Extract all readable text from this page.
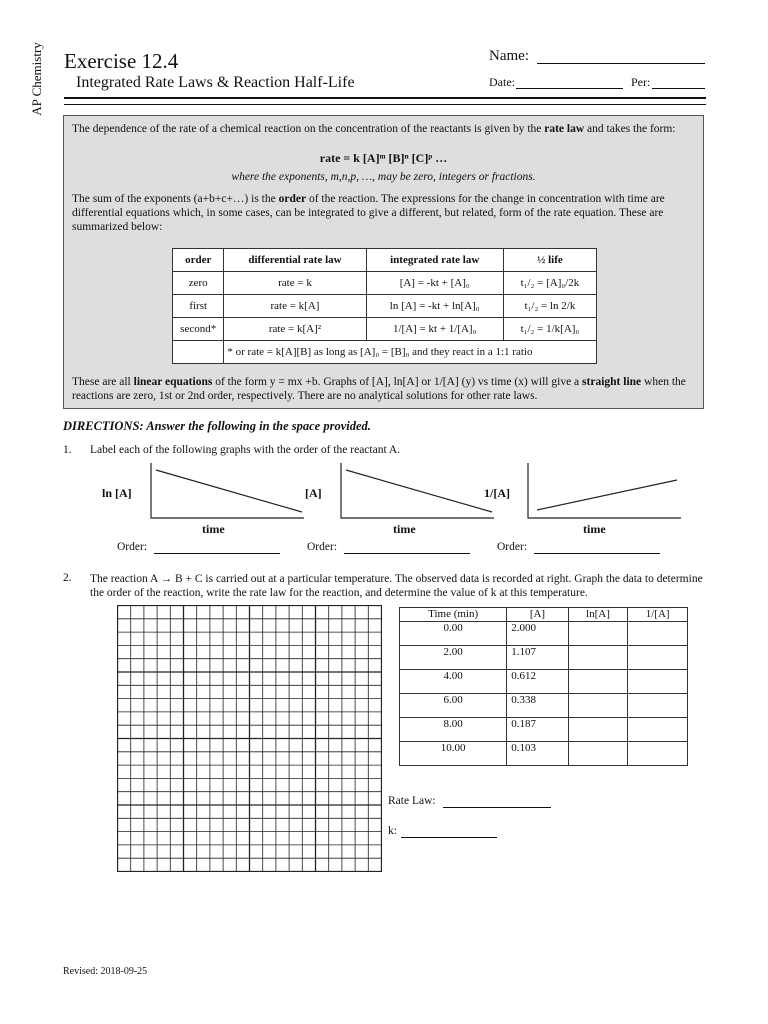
AP Chemistry Exercise 12.4
Integrated Rate Laws & Reaction Half-Life
Name:
Date:	Per:
The dependence of the rate of a chemical reaction on the concentration of the reactants is given by the rate law and takes the form:
rate = k [A]ᵐ [B]ⁿ [C]ᵖ …
where the exponents, m,n,p, …, may be zero, integers or fractions.
The sum of the exponents (a+b+c+…) is the order of the reaction. The expressions for the change in concentration with time are differential equations which, in some cases, can be integrated to give a different, but related, form of the rate equation. These are summarized below:
order	differential rate law	integrated rate law	½ life
zero	rate = k	[A] = -kt + [A]₀	t₁/₂ = [A]₀/2k
first	rate = k[A]	ln [A] = -kt + ln[A]₀	t₁/₂ = ln 2/k
second*	rate = k[A]²	1/[A] = kt + 1/[A]₀	t₁/₂ = 1/k[A]₀
	* or rate = k[A][B] as long as [A]₀ = [B]₀ and they react in a 1:1 ratio		
These are all linear equations of the form y = mx +b. Graphs of [A], ln[A] or 1/[A] (y) vs time (x) will give a straight line when the reactions are zero, 1st or 2nd order, respectively. There are no analytical solutions for other rate laws.
DIRECTIONS: Answer the following in the space provided.
1. Label each of the following graphs with the order of the reactant A.
ln [A]
time
Order:
[A]
time
Order:
1/[A]
time
Order:
2. The reaction A → B + C is carried out at a particular temperature. The observed data is recorded at right. Graph the data to determine the order of the reaction, write the rate law for the reaction, and determine the value of k at this temperature.
Time (min)	[A]	ln[A]	1/[A]
0.00	2.000		
2.00	1.107		
4.00	0.612		
6.00	0.338		
8.00	0.187		
10.00	0.103		
Rate Law:
k:
Revised: 2018-09-25
